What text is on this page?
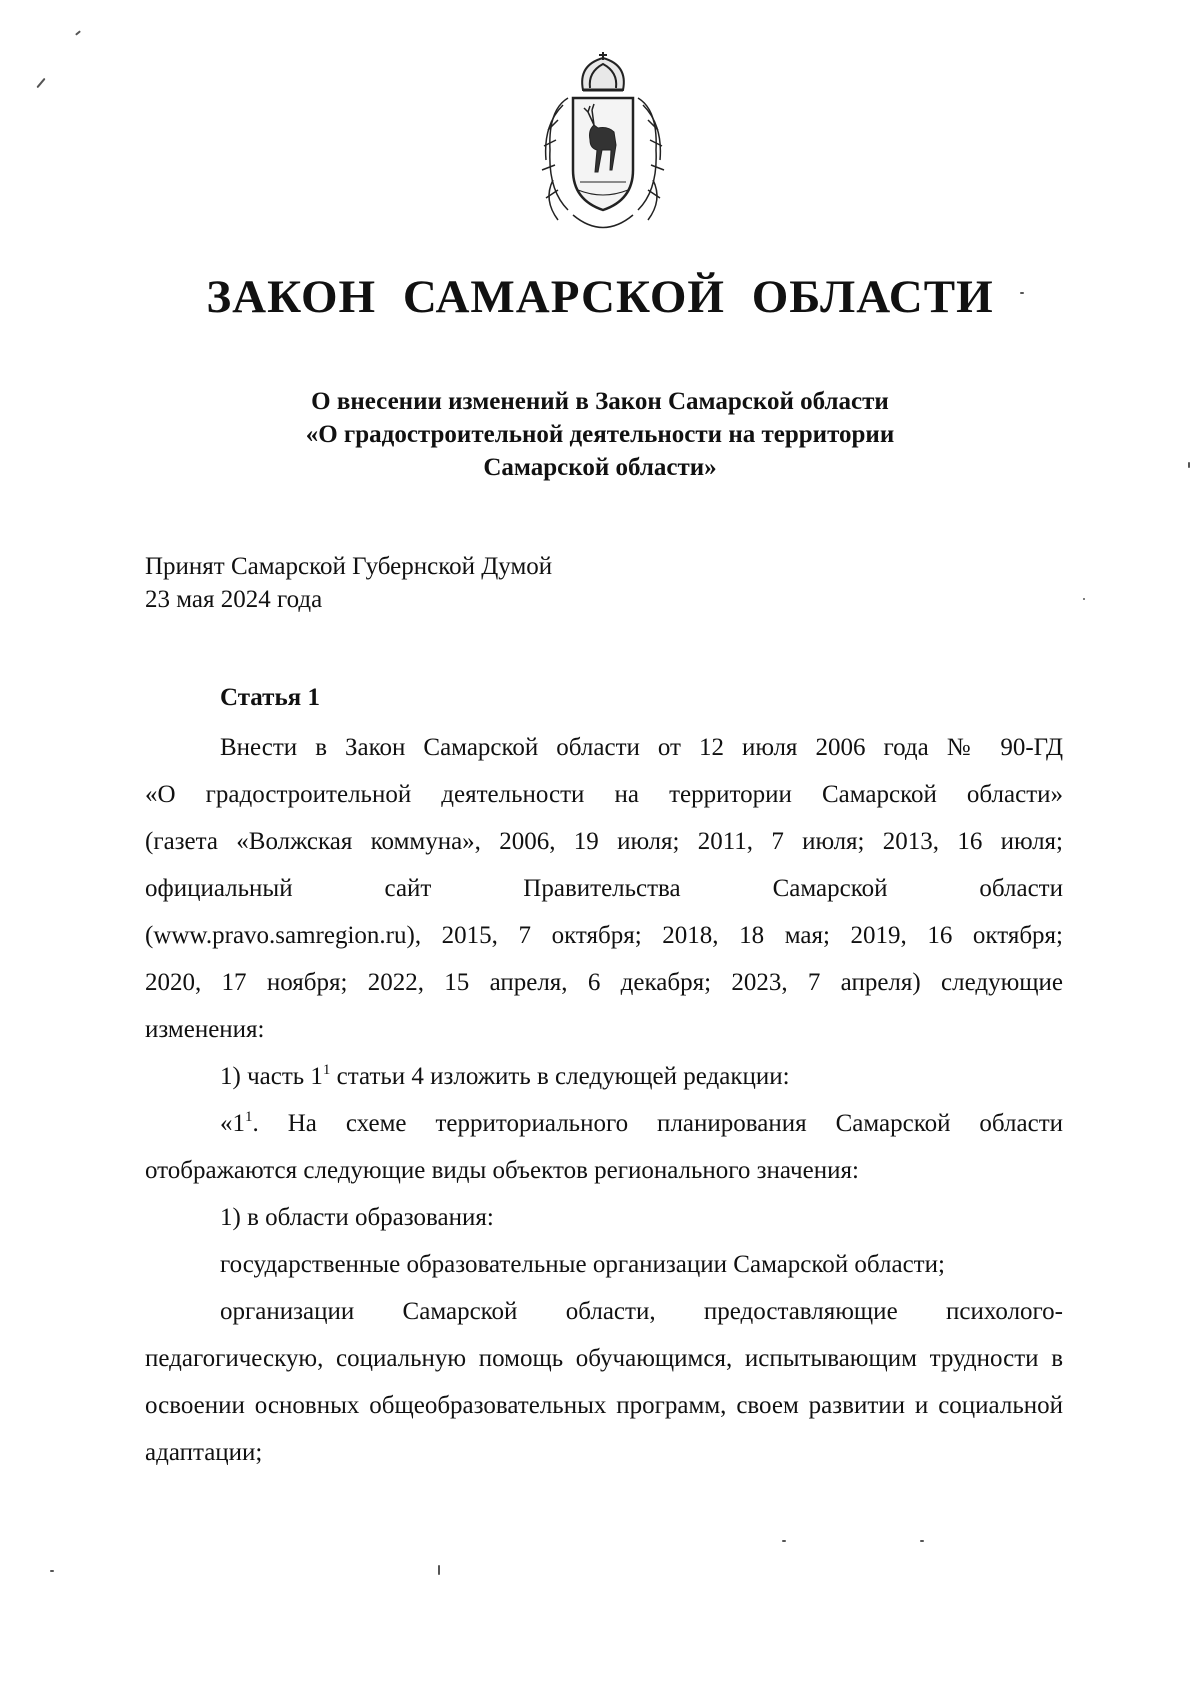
ЗАКОН САМАРСКОЙ ОБЛАСТИ
О внесении изменений в Закон Самарской области
«О градостроительной деятельности на территории
Самарской области»
Принят Самарской Губернской Думой
23 мая 2024 года
Статья 1

Внести в Закон Самарской области от 12 июля 2006 года № 90-ГД

«О градостроительной деятельности на территории Самарской области»

(газета «Волжская коммуна», 2006, 19 июля; 2011, 7 июля; 2013, 16 июля;

официальный сайт Правительства Самарской области

(www.pravo.samregion.ru), 2015, 7 октября; 2018, 18 мая; 2019, 16 октября;

2020, 17 ноября; 2022, 15 апреля, 6 декабря; 2023, 7 апреля) следующие

изменения:

1) часть $1^1$ статьи 4 изложить в следующей редакции:

«$1^1$. На схеме территориального планирования Самарской области отображаются следующие виды объектов регионального значения:

1) в области образования:

государственные образовательные организации Самарской области;

организации Самарской области, предоставляющие психолого-педагогическую, социальную помощь обучающимся, испытывающим трудности в освоении основных общеобразовательных программ, своем развитии и социальной адаптации;
